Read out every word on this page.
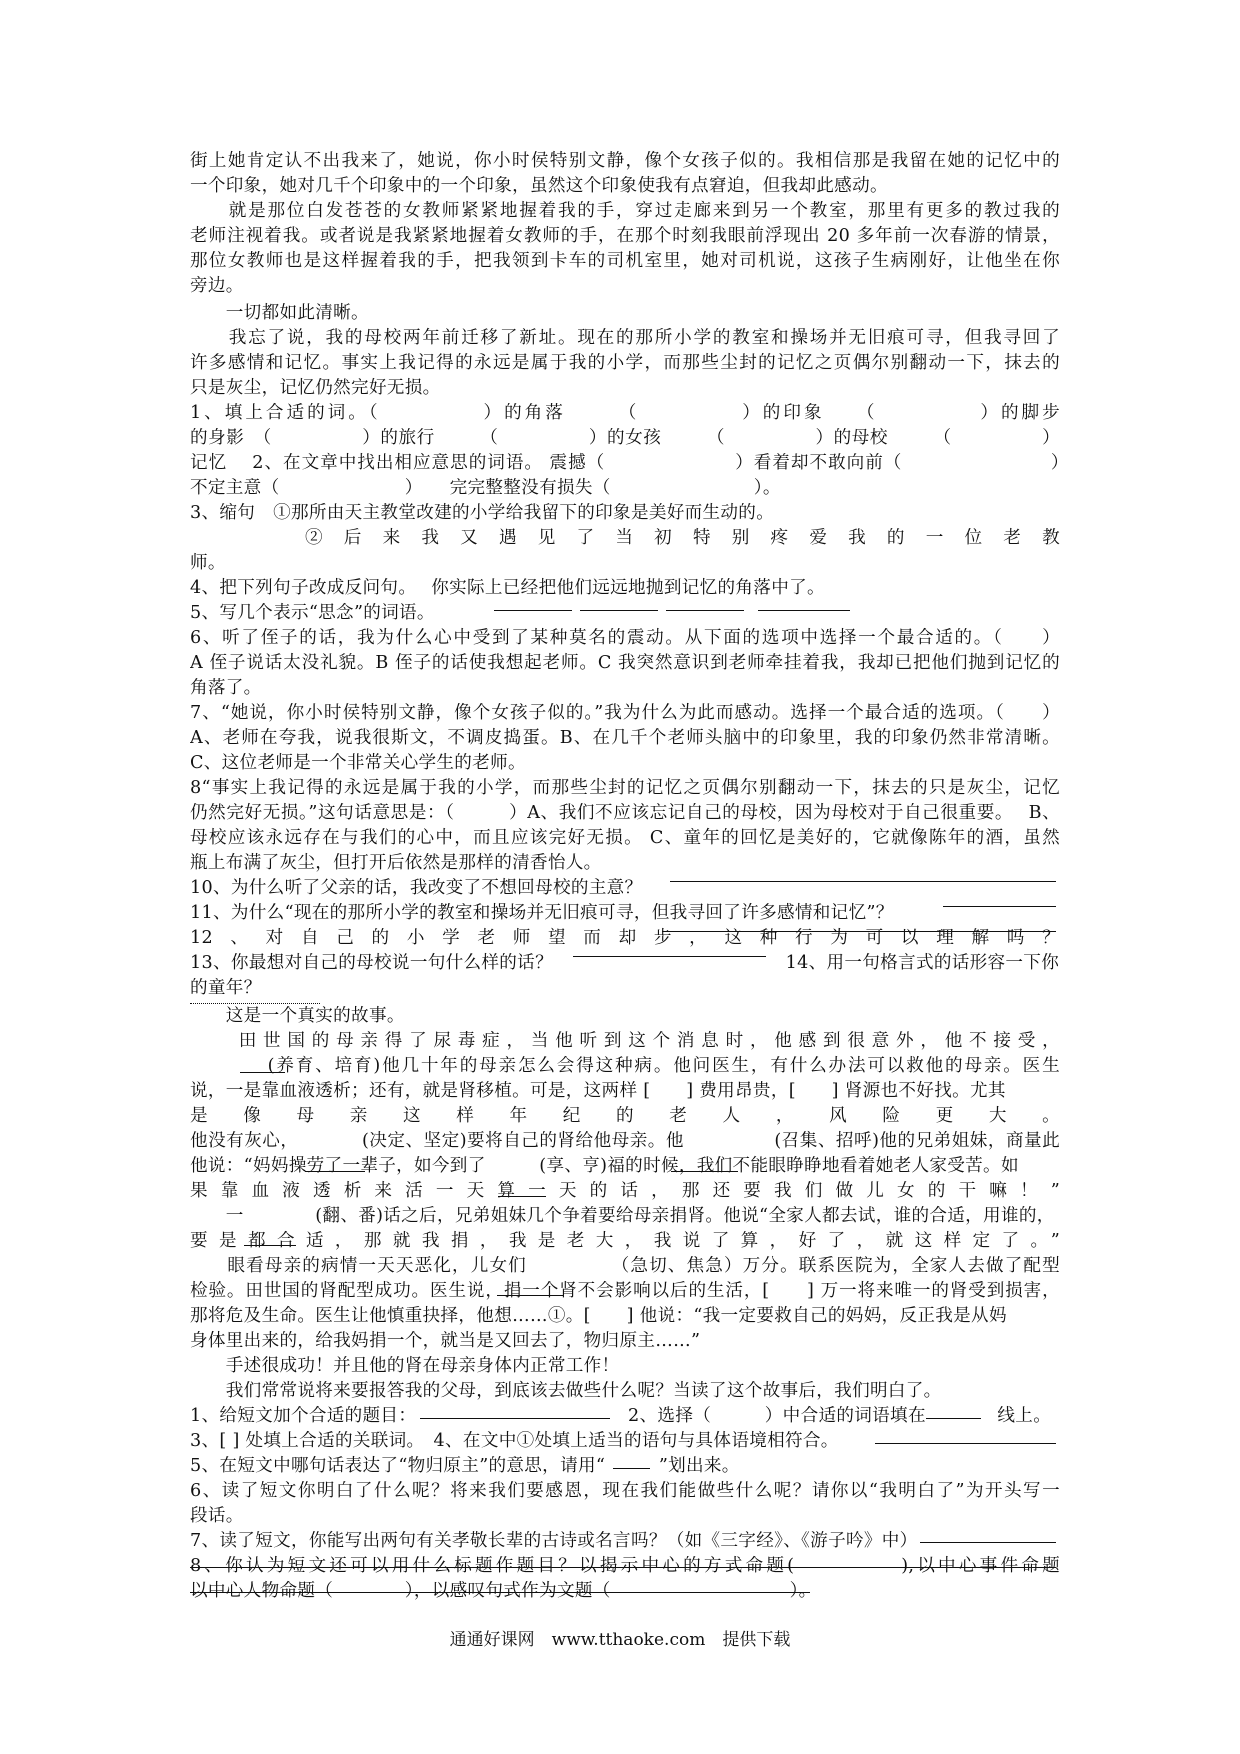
街上她肯定认不出我来了，她说，你小时侯特别文静，像个女孩子似的。我相信那是我留在她的记忆中的
一个印象，她对几千个印象中的一个印象，虽然这个印象使我有点窘迫，但我却此感动。
　　就是那位白发苍苍的女教师紧紧地握着我的手，穿过走廊来到另一个教室，那里有更多的教过我的
老师注视着我。或者说是我紧紧地握着女教师的手，在那个时刻我眼前浮现出 20 多年前一次春游的情景，
那位女教师也是这样握着我的手，把我领到卡车的司机室里，她对司机说，这孩子生病刚好，让他坐在你
旁边。
　　一切都如此清晰。
　　我忘了说，我的母校两年前迁移了新址。现在的那所小学的教室和操场并无旧痕可寻，但我寻回了
许多感情和记忆。事实上我记得的永远是属于我的小学，而那些尘封的记忆之页偶尔别翻动一下，抹去的
只是灰尘，记忆仍然完好无损。
1、填上合适的词。（　　　　　）的角落　　　（　　　　　）的印象　　（　　　　　）的脚步　　　　　　　
的身影　（　　　　　）的旅行　　　（　　　　　）的女孩　　　（　　　　　）的母校　　　（　　　　　）
记忆　 2、在文章中找出相应意思的词语。 震撼（　　　　　　　）看着却不敢向前（　　　　　　　　）　
不定主意（　　　　　　　）　　完完整整没有损失（　　　　　　　　）。
3、缩句　①那所由天主教堂改建的小学给我留下的印象是美好而生动的。
　　　　 ② 后 来 我 又 遇 见 了 当 初 特 别 疼 爱 我 的 一 位 老 教
师。
4、把下列句子改成反问句。　 你实际上已经把他们远远地抛到记忆的角落中了。
5、写几个表示“思念”的词语。
6、听了侄子的话，我为什么心中受到了某种莫名的震动。从下面的选项中选择一个最合适的。（　　）
A 侄子说话太没礼貌。B 侄子的话使我想起老师。C 我突然意识到老师牵挂着我，我却已把他们抛到记忆的
角落了。
7、“她说，你小时侯特别文静，像个女孩子似的。”我为什么为此而感动。选择一个最合适的选项。（　　）
A、老师在夸我，说我很斯文，不调皮捣蛋。B、在几千个老师头脑中的印象里，我的印象仍然非常清晰。
C、这位老师是一个非常关心学生的老师。
8“事实上我记得的永远是属于我的小学，而那些尘封的记忆之页偶尔别翻动一下，抹去的只是灰尘，记忆
仍然完好无损。”这句话意思是：（　　　）A、我们不应该忘记自己的母校，因为母校对于自己很重要。　 B、
母校应该永远存在与我们的心中，而且应该完好无损。 C、童年的回忆是美好的，它就像陈年的酒，虽然
瓶上布满了灰尘，但打开后依然是那样的清香怡人。
10、为什么听了父亲的话，我改变了不想回母校的主意？
11、为什么“现在的那所小学的教室和操场并无旧痕可寻，但我寻回了许多感情和记忆”？
12、对自己的小学老师望而却步，这种行为可以理解吗？
13、你最想对自己的母校说一句什么样的话？　　　　　　　　　　　　　14、用一句格言式的话形容一下你
的童年？
　　这是一个真实的故事。
　　田世国的母亲得了尿毒症，当他听到这个消息时，他感到很意外，他不接受，
　　　　(养育、培育)他几十年的母亲怎么会得这种病。他问医生，有什么办法可以救他的母亲。医生
说，一是靠血液透析；还有，就是肾移植。可是，这两样 [　　] 费用昂贵，[　　] 肾源也不好找。尤其
是像母亲这样年纪的老人，风险更大。
他没有灰心，　　　　(决定、坚定)要将自己的肾给他母亲。他　　　　　(召集、招呼)他的兄弟姐妹，商量此
他说：“妈妈操劳了一辈子，如今到了　　　(享、亨)福的时候，我们不能眼睁睁地看着她老人家受苦。如
果靠血液透析来活一天算一天的话，那还要我们做儿女的干嘛！”
　　一　　　　(翻、番)话之后，兄弟姐妹几个争着要给母亲捐肾。他说“全家人都去试，谁的合适，用谁的，
要是都合适，那就我捐，我是老大，我说了算，好了，就这样定了。”
　　眼看母亲的病情一天天恶化，儿女们　　　　　（急切、焦急）万分。联系医院为，全家人去做了配型
检验。田世国的肾配型成功。医生说，捐一个肾不会影响以后的生活，[　　] 万一将来唯一的肾受到损害，
那将危及生命。医生让他慎重抉择，他想……①。[　　] 他说：“我一定要救自己的妈妈，反正我是从妈
身体里出来的，给我妈捐一个，就当是又回去了，物归原主……”
　　手述很成功！并且他的肾在母亲身体内正常工作！
　　我们常常说将来要报答我的父母，到底该去做些什么呢？当读了这个故事后，我们明白了。
1、给短文加个合适的题目：　　　　　　　　　　　　 2、选择（　　　）中合适的词语填在　　　　线上。
3、[ ] 处填上合适的关联词。　4、在文中①处填上适当的语句与具体语境相符合。
5、在短文中哪句话表达了“物归原主”的意思，请用“　　　”划出来。
6、读了短文你明白了什么呢？将来我们要感恩，现在我们能做些什么呢？请你以“我明白了”为开头写一
段话。
7、读了短文，你能写出两句有关孝敬长辈的古诗或名言吗？（如《三字经》、《游子吟》中）
8、你认为短文还可以用什么标题作题目？以揭示中心的方式命题(　　　　　),以中心事件命题　　　　　　　　
以中心人物命题（　　　　），以感叹句式作为文题（　　　　　　　　　　）。
通通好课网　www.tthaoke.com　提供下载
